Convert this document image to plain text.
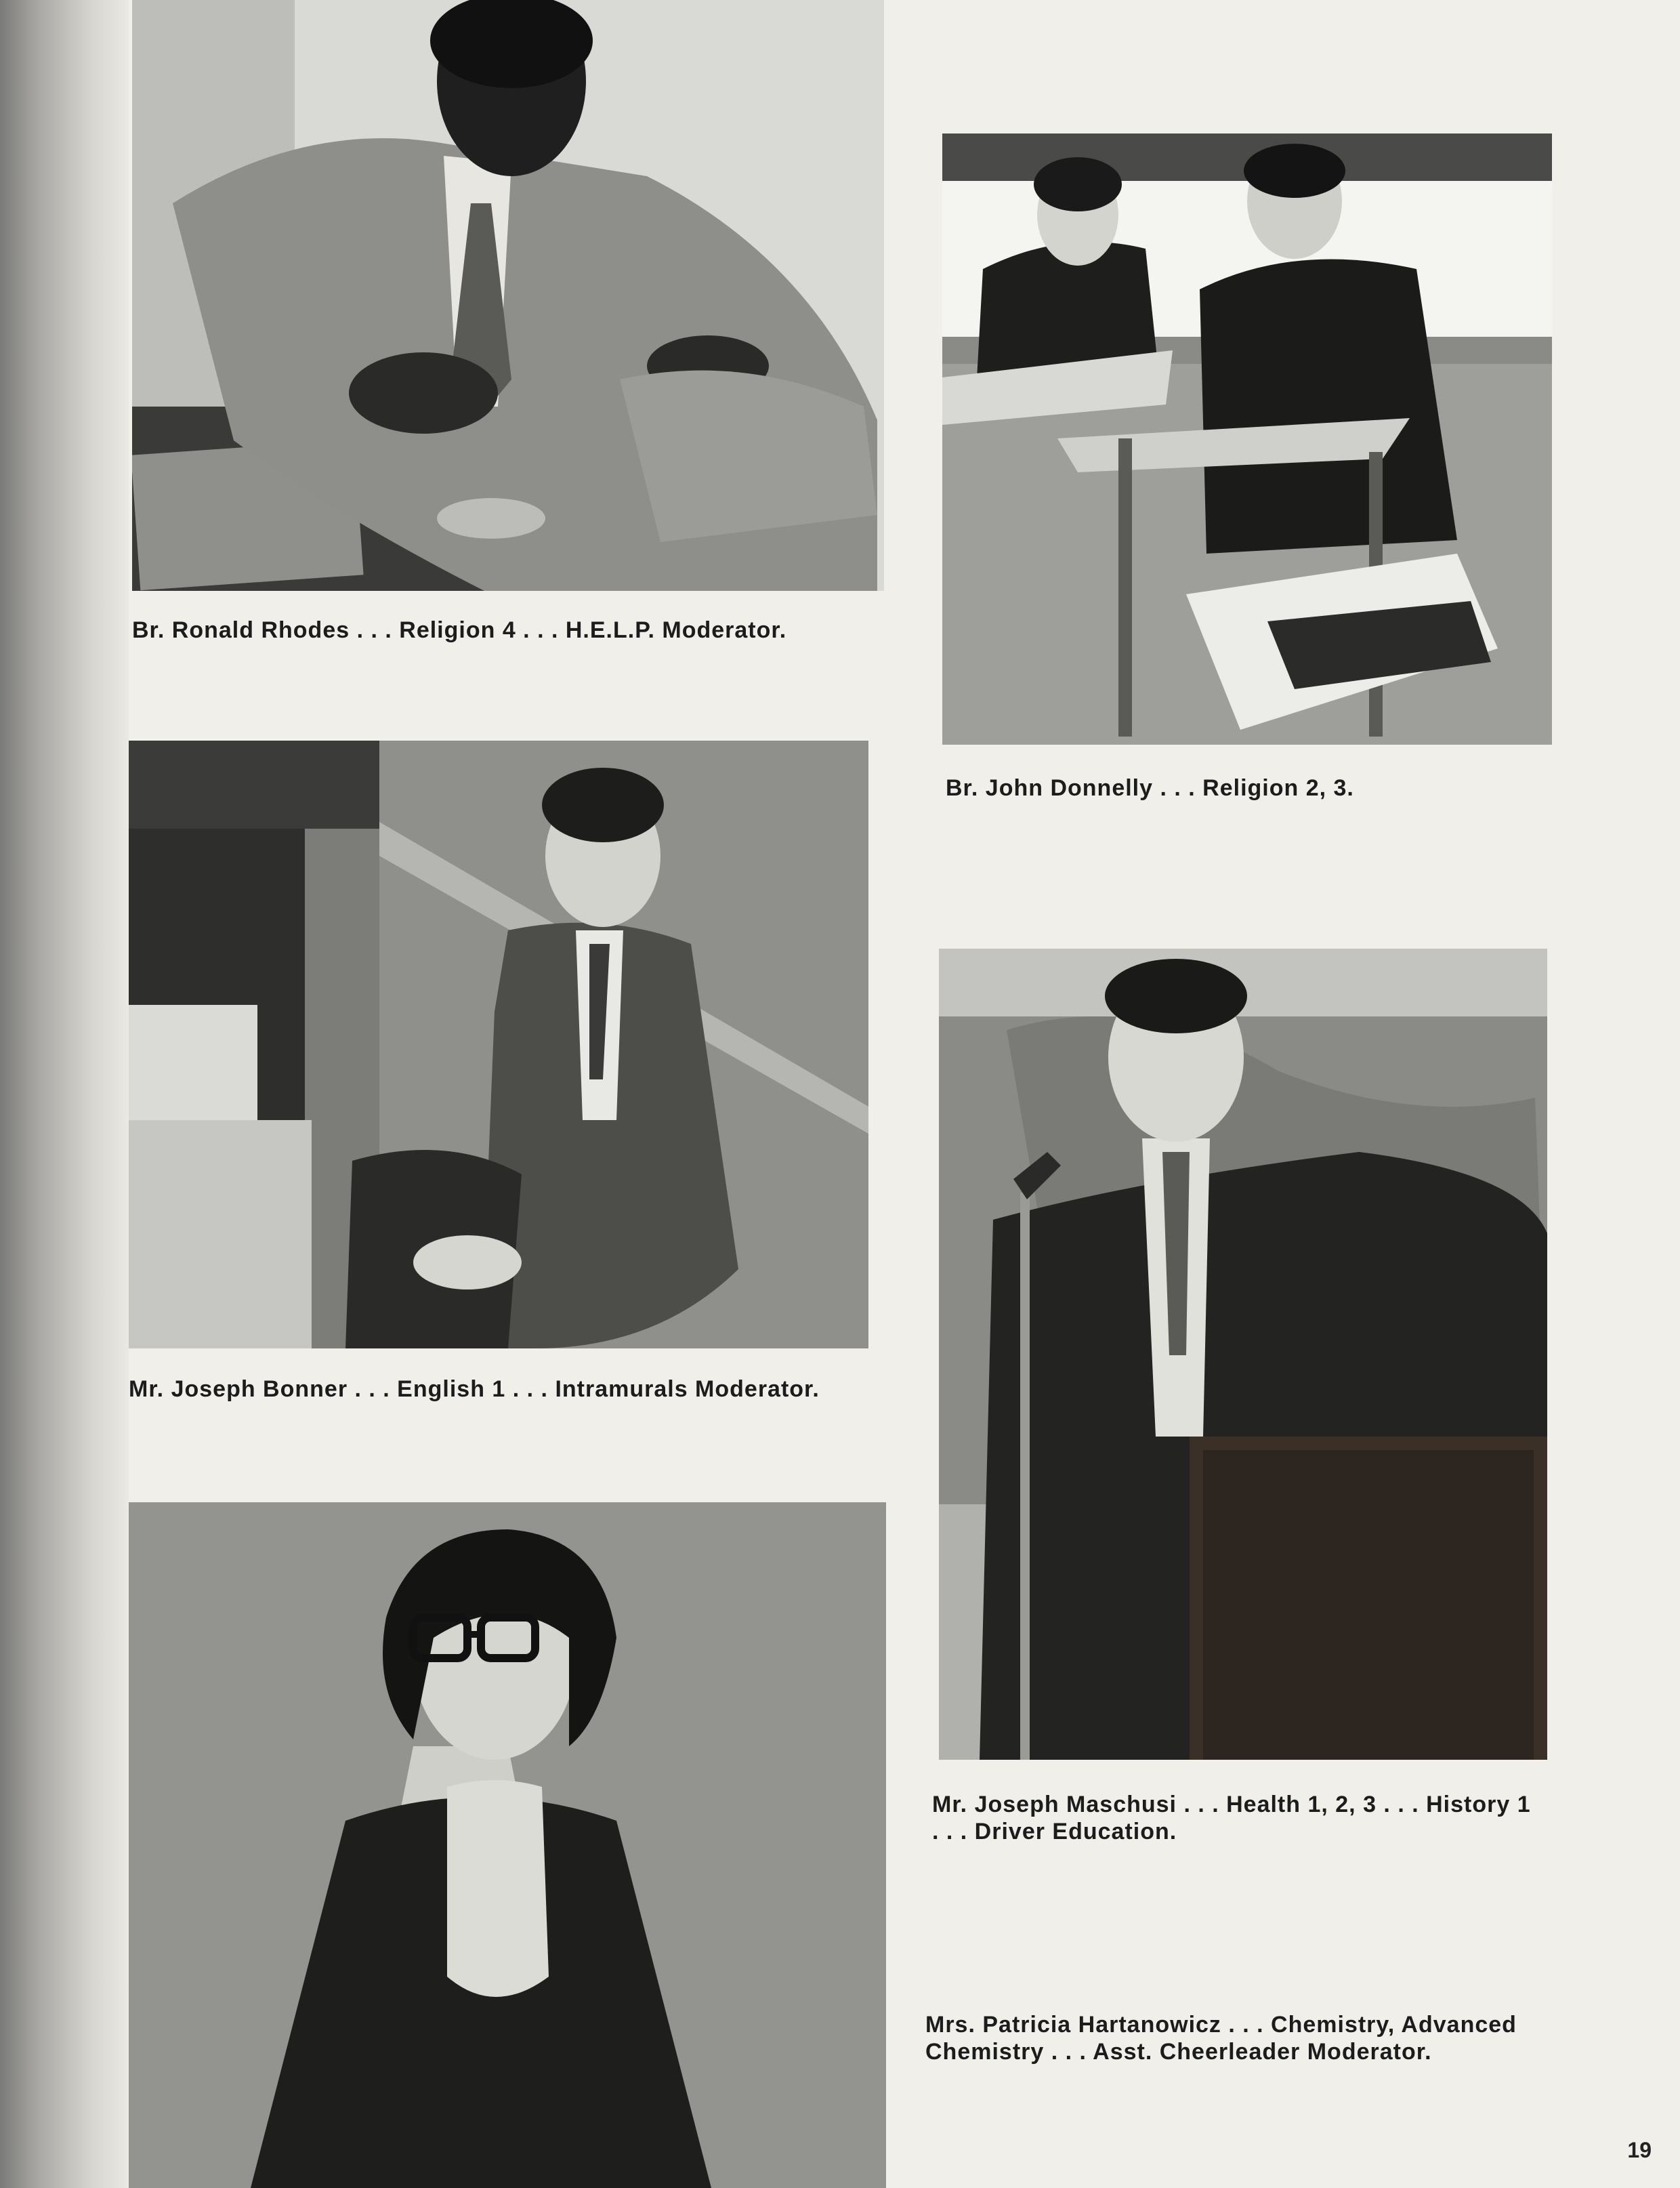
Br. Ronald Rhodes . . . Religion 4 . . . H.E.L.P. Moderator.

Br. John Donnelly . . . Religion 2, 3.

Mr. Joseph Bonner . . . English 1 . . . Intramurals Moderator.

Mr. Joseph Maschusi . . . Health 1, 2, 3 . . . History 1 . . . Driver Education.

Mrs. Patricia Hartanowicz . . . Chemistry, Advanced Chemistry . . . Asst. Cheerleader Moderator.

19
